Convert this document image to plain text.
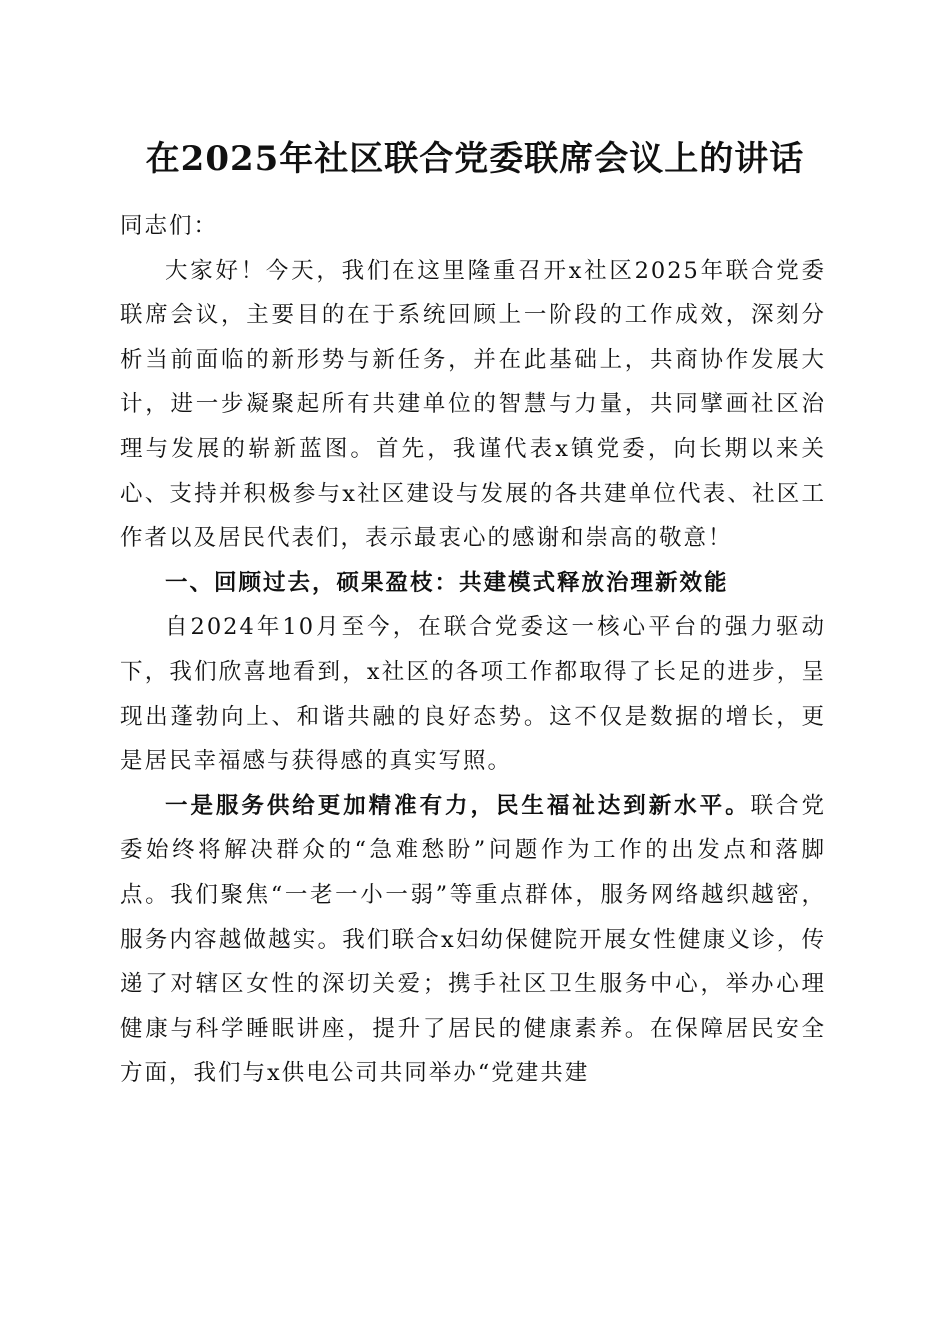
在2025年社区联合党委联席会议上的讲话

同志们：

大家好！今天，我们在这里隆重召开x社区2025年联合党委联席会议，主要目的在于系统回顾上一阶段的工作成效，深刻分析当前面临的新形势与新任务，并在此基础上，共商协作发展大计，进一步凝聚起所有共建单位的智慧与力量，共同擘画社区治理与发展的崭新蓝图。首先，我谨代表x镇党委，向长期以来关心、支持并积极参与x社区建设与发展的各共建单位代表、社区工作者以及居民代表们，表示最衷心的感谢和崇高的敬意！

一、回顾过去，硕果盈枝：共建模式释放治理新效能

自2024年10月至今，在联合党委这一核心平台的强力驱动下，我们欣喜地看到，x社区的各项工作都取得了长足的进步，呈现出蓬勃向上、和谐共融的良好态势。这不仅是数据的增长，更是居民幸福感与获得感的真实写照。

一是服务供给更加精准有力，民生福祉达到新水平。联合党委始终将解决群众的“急难愁盼”问题作为工作的出发点和落脚点。我们聚焦“一老一小一弱”等重点群体，服务网络越织越密，服务内容越做越实。我们联合x妇幼保健院开展女性健康义诊，传递了对辖区女性的深切关爱；携手社区卫生服务中心，举办心理健康与科学睡眠讲座，提升了居民的健康素养。在保障居民安全方面，我们与x供电公司共同举办“党建共建
